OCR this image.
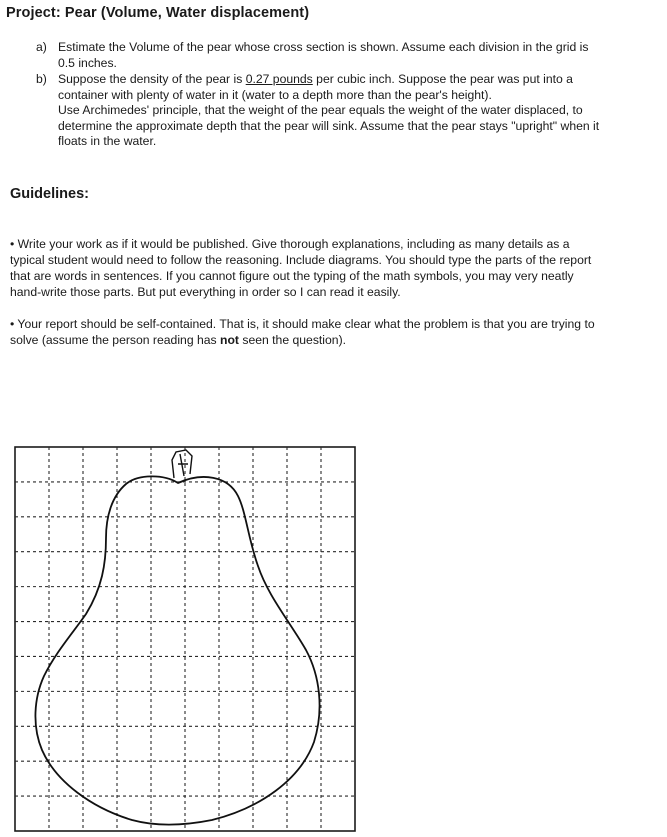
Project: Pear (Volume, Water displacement)
a) Estimate the Volume of the pear whose cross section is shown. Assume each division in the grid is
0.5 inches.
b) Suppose the density of the pear is 0.27 pounds per cubic inch. Suppose the pear was put into a
container with plenty of water in it (water to a depth more than the pear's height).
Use Archimedes' principle, that the weight of the pear equals the weight of the water displaced, to
determine the approximate depth that the pear will sink. Assume that the pear stays "upright" when it
floats in the water.
Guidelines:
• Write your work as if it would be published. Give thorough explanations, including as many details as a
typical student would need to follow the reasoning. Include diagrams. You should type the parts of the report
that are words in sentences. If you cannot figure out the typing of the math symbols, you may very neatly
hand-write those parts. But put everything in order so I can read it easily.
• Your report should be self-contained. That is, it should make clear what the problem is that you are trying to
solve (assume the person reading has not seen the question).
